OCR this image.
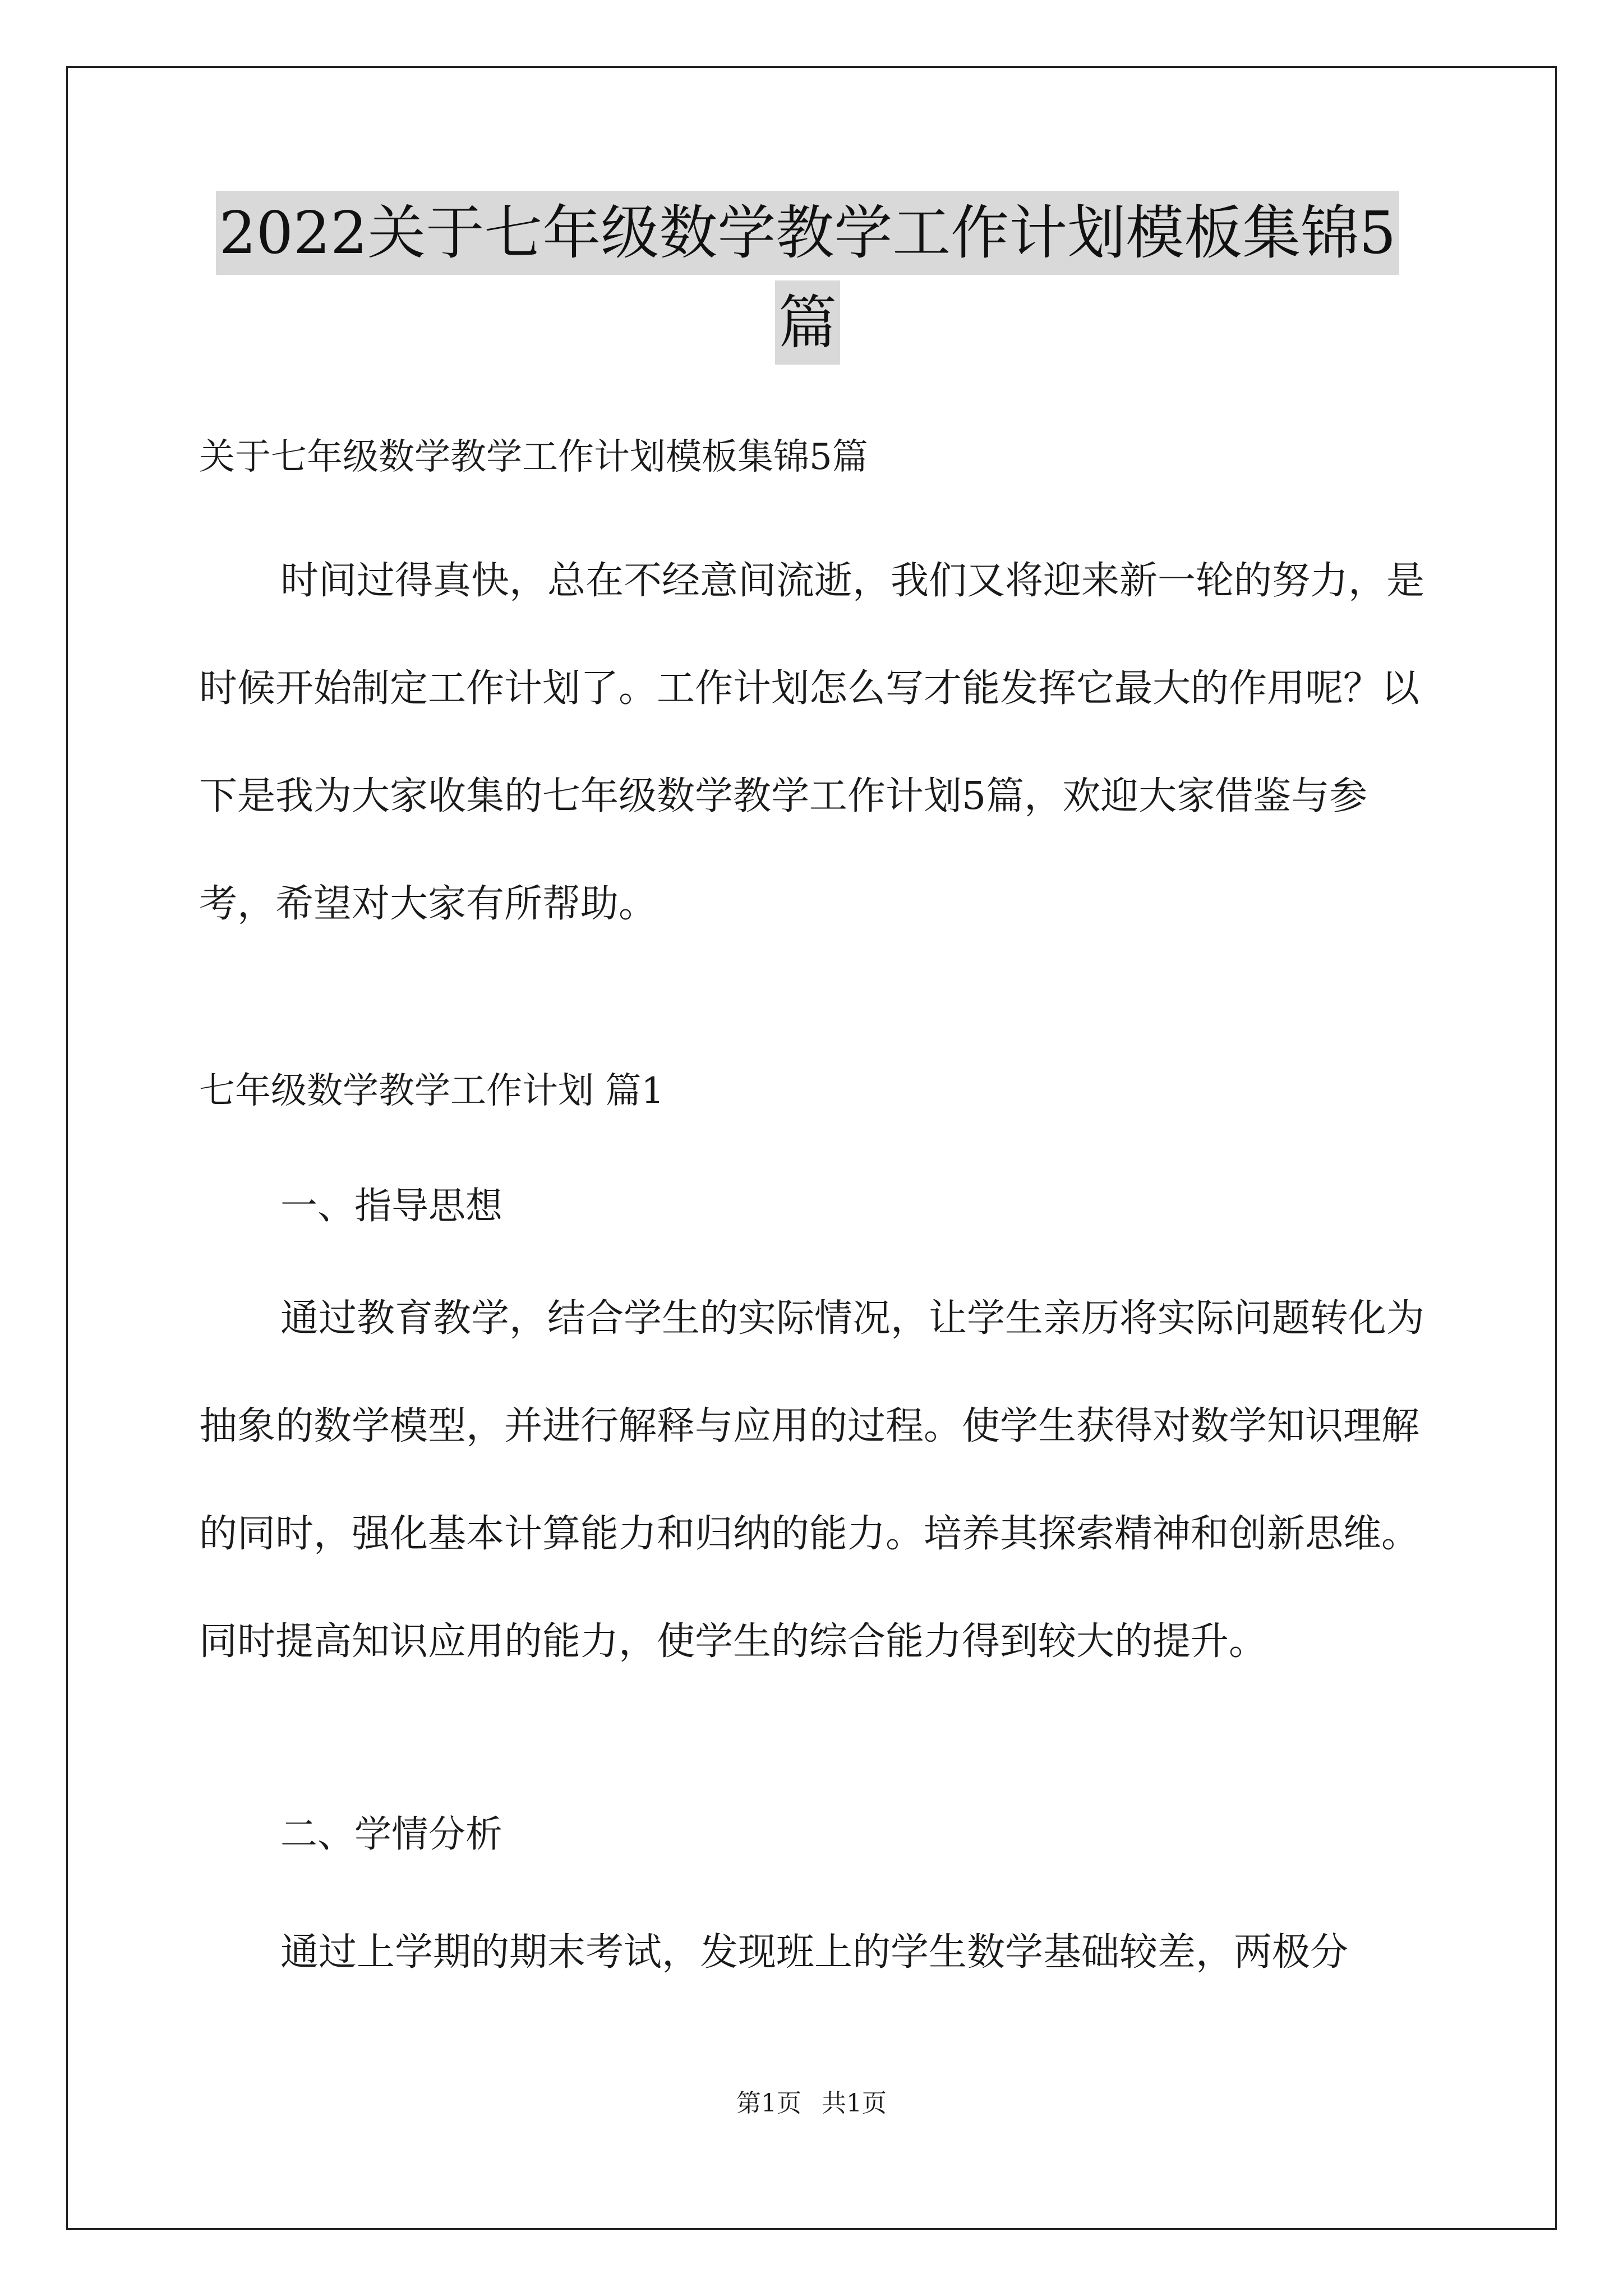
2022关于七年级数学教学工作计划模板集锦5
篇
关于七年级数学教学工作计划模板集锦5篇

时间过得真快，总在不经意间流逝，我们又将迎来新一轮的努力，是时候开始制定工作计划了。工作计划怎么写才能发挥它最大的作用呢？以下是我为大家收集的七年级数学教学工作计划5篇，欢迎大家借鉴与参考，希望对大家有所帮助。

七年级数学教学工作计划 篇1
一、指导思想

通过教育教学，结合学生的实际情况，让学生亲历将实际问题转化为抽象的数学模型，并进行解释与应用的过程。使学生获得对数学知识理解的同时，强化基本计算能力和归纳的能力。培养其探索精神和创新思维。同时提高知识应用的能力，使学生的综合能力得到较大的提升。

二、学情分析

通过上学期的期末考试，发现班上的学生数学基础较差，两极分

第1页 共1页
